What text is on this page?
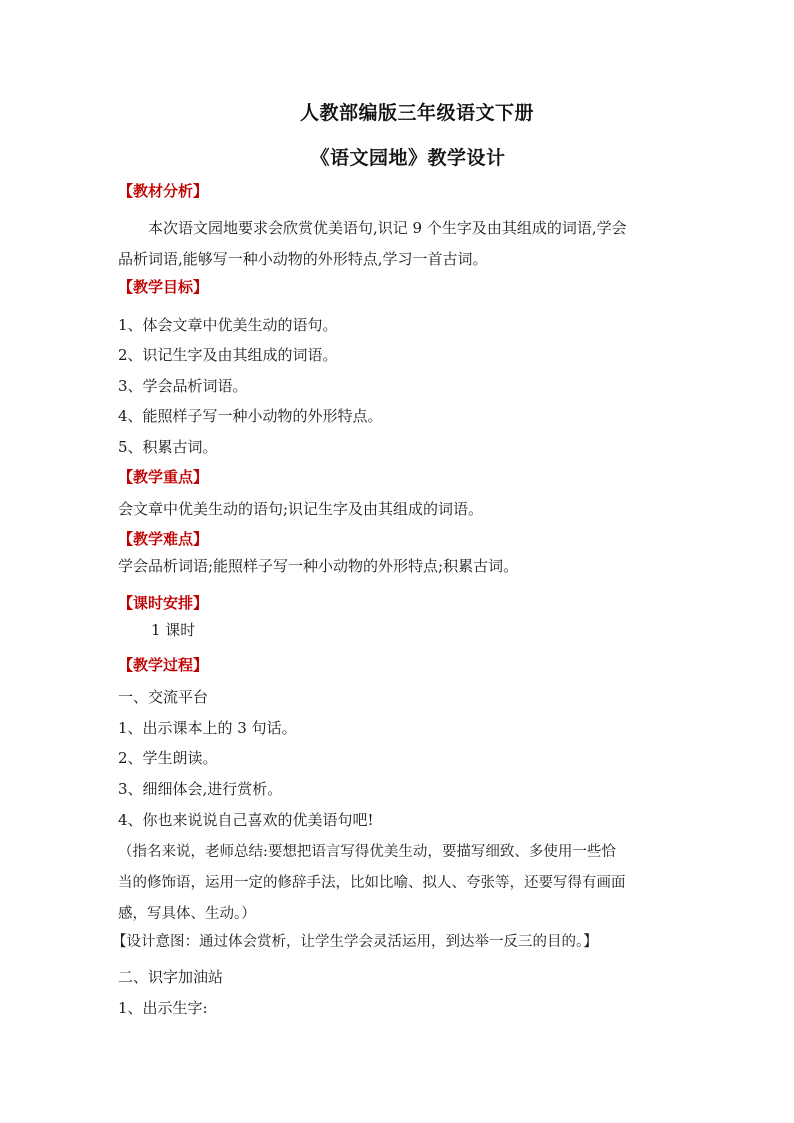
人教部编版三年级语文下册
《语文园地》教学设计
【教材分析】
本次语文园地要求会欣赏优美语句,识记 9 个生字及由其组成的词语,学会
品析词语,能够写一种小动物的外形特点,学习一首古词。
【教学目标】
1、体会文章中优美生动的语句。
2、识记生字及由其组成的词语。
3、学会品析词语。
4、能照样子写一种小动物的外形特点。
5、积累古词。
【教学重点】
会文章中优美生动的语句;识记生字及由其组成的词语。
【教学难点】
学会品析词语;能照样子写一种小动物的外形特点;积累古词。
【课时安排】
1 课时
【教学过程】
一、交流平台
1、出示课本上的 3 句话。
2、学生朗读。
3、细细体会,进行赏析。
4、你也来说说自己喜欢的优美语句吧!
（指名来说，老师总结:要想把语言写得优美生动，要描写细致、多使用一些恰
当的修饰语，运用一定的修辞手法，比如比喻、拟人、夸张等，还要写得有画面
感，写具体、生动。）
【设计意图：通过体会赏析，让学生学会灵活运用，到达举一反三的目的。】
二、识字加油站
1、出示生字:
